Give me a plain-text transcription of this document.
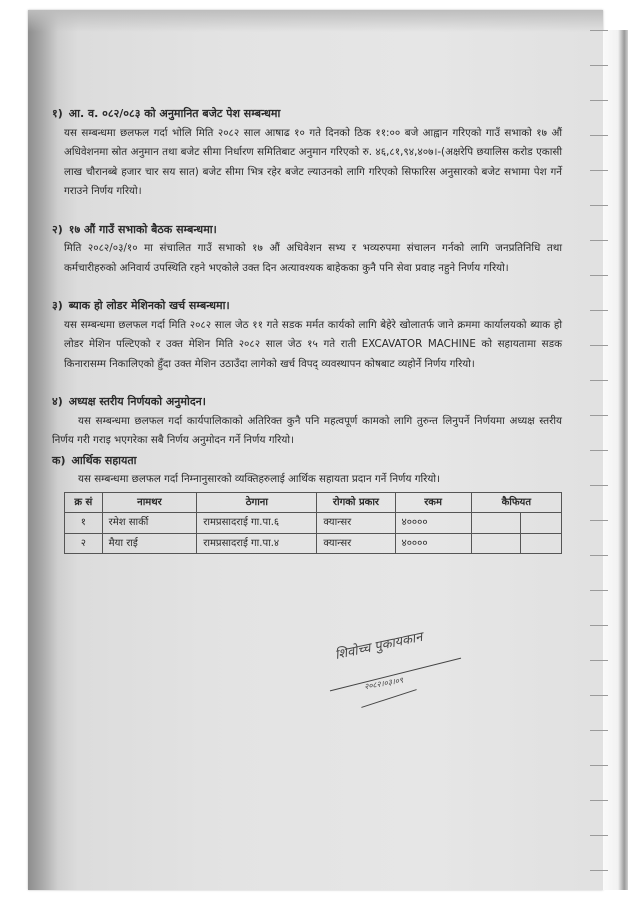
१) आ. व. ०८२/०८३ को अनुमानित बजेट पेश सम्बन्धमा

यस सम्बन्धमा छलफल गर्दा भोलि मिति २०८२ साल आषाढ १० गते दिनको ठिक ११:०० बजे आह्वान गरिएको गाउँ सभाको १७ औं अधिवेशनमा स्रोत अनुमान तथा बजेट सीमा निर्धारण समितिबाट अनुमान गरिएको रु. ४६,८१,९४,४०७।-(अक्षरेपि छयालिस करोड एकासी लाख चौरानब्बे हजार चार सय सात) बजेट सीमा भित्र रहेर बजेट ल्याउनको लागि गरिएको सिफारिस अनुसारको बजेट सभामा पेश गर्ने गराउने निर्णय गरियो।

२) १७ औं गाउँ सभाको बैठक सम्बन्धमा।

मिति २०८२/०३/१० मा संचालित गाउँ सभाको १७ औं अधिवेशन सभ्य र भव्यरुपमा संचालन गर्नको लागि जनप्रतिनिधि तथा कर्मचारीहरुको अनिवार्य उपस्थिति रहने भएकोले उक्त दिन अत्यावश्यक बाहेकका कुनै पनि सेवा प्रवाह नहुने निर्णय गरियो।

३) ब्याक हो लोडर मेशिनको खर्च सम्बन्धमा।

यस सम्बन्धमा छलफल गर्दा मिति २०८२ साल जेठ ११ गते सडक मर्मत कार्यको लागि बेहेरे खोलातर्फ जाने क्रममा कार्यालयको ब्याक हो लोडर मेशिन पल्टिएको र उक्त मेशिन मिति २०८२ साल जेठ १५ गते राती EXCAVATOR MACHINE को सहायतामा सडक किनारासम्म निकालिएको हुँदा उक्त मेशिन उठाउँदा लागेको खर्च विपद् व्यवस्थापन कोषबाट व्यहोर्ने निर्णय गरियो।

४) अध्यक्ष स्तरीय निर्णयको अनुमोदन।

यस सम्बन्धमा छलफल गर्दा कार्यपालिकाको अतिरिक्त कुनै पनि महत्वपूर्ण कामको लागि तुरुन्त लिनुपर्ने निर्णयमा अध्यक्ष स्तरीय निर्णय गरी गराइ भएगरेका सबै निर्णय अनुमोदन गर्ने निर्णय गरियो।

क) आर्थिक सहायता

यस सम्बन्धमा छलफल गर्दा निम्नानुसारको व्यक्तिहरुलाई आर्थिक सहायता प्रदान गर्ने निर्णय गरियो।

क्र सं	नामथर	ठेगाना	रोगको प्रकार	रकम	कैफियत	
१	रमेश सार्की	रामप्रसादराई गा.पा.६	क्यान्सर	४००००		
२	मैया राई	रामप्रसादराई गा.पा.४	क्यान्सर	४००००		
शिवोच्च पुकायकान
२०८२।०३।०९
